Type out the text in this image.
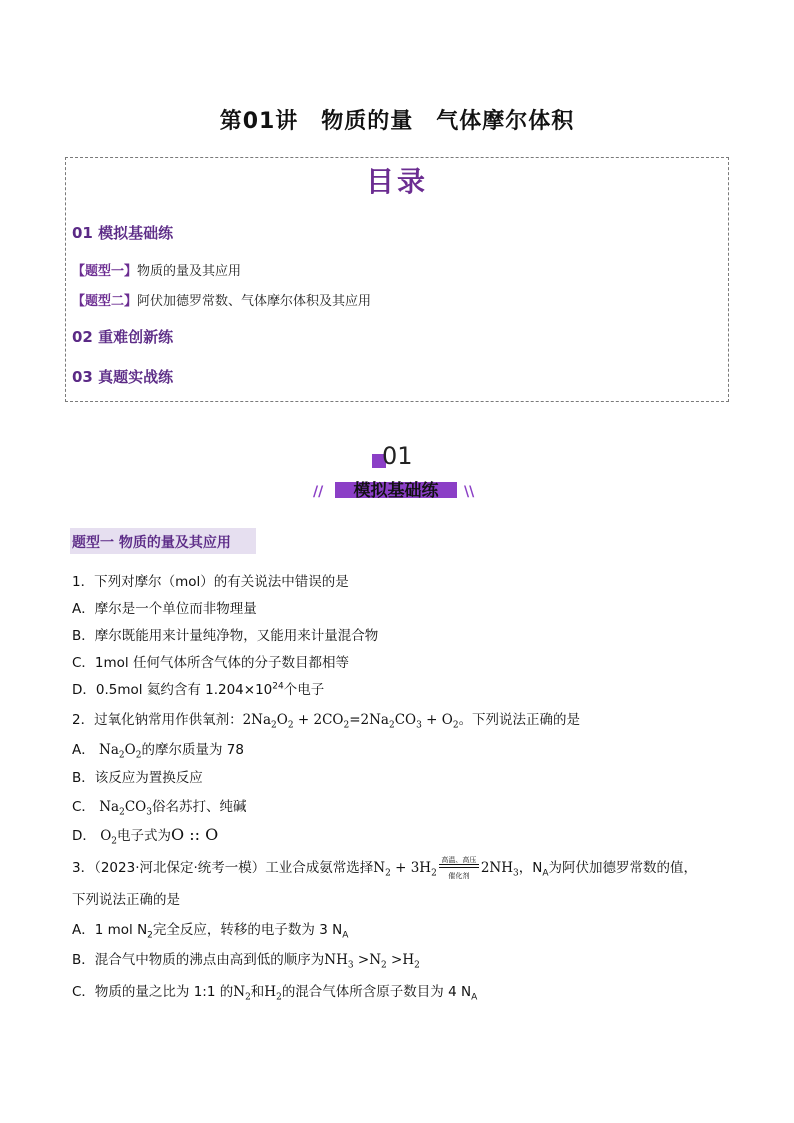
第01讲　物质的量　气体摩尔体积
目录
01 模拟基础练
【题型一】物质的量及其应用
【题型二】阿伏加德罗常数、气体摩尔体积及其应用
02 重难创新练
03 真题实战练
01
模拟基础练
//	\\
题型一 物质的量及其应用
1．下列对摩尔（mol）的有关说法中错误的是
A．摩尔是一个单位而非物理量
B．摩尔既能用来计量纯净物，又能用来计量混合物
C．1mol 任何气体所含气体的分子数目都相等
D．0.5mol 氦约含有 $1.204\times 10^{24}$个电子
2．过氧化钠常用作供氧剂：$2Na_2O_2 + 2CO_2=2Na_2CO_3 + O_2$。下列说法正确的是
A． $Na_2O_2$的摩尔质量为 78
B．该反应为置换反应
C． $Na_2CO_3$俗名苏打、纯碱
D． $O_2$电子式为O :: O
3．（2023·河北保定·统考一模）工业合成氨常选择$N_2 + 3H_2$
高温、高压
催化剂 $2NH_3$，$N_A$为阿伏加德罗常数的值，
下列说法正确的是
A．1 mol $N_2$完全反应，转移的电子数为 3 $N_A$
B．混合气中物质的沸点由高到低的顺序为$NH_3 >N_2 >H_2$
C．物质的量之比为 1:1 的$N_2$和$H_2$的混合气体所含原子数目为 4 $N_A$
